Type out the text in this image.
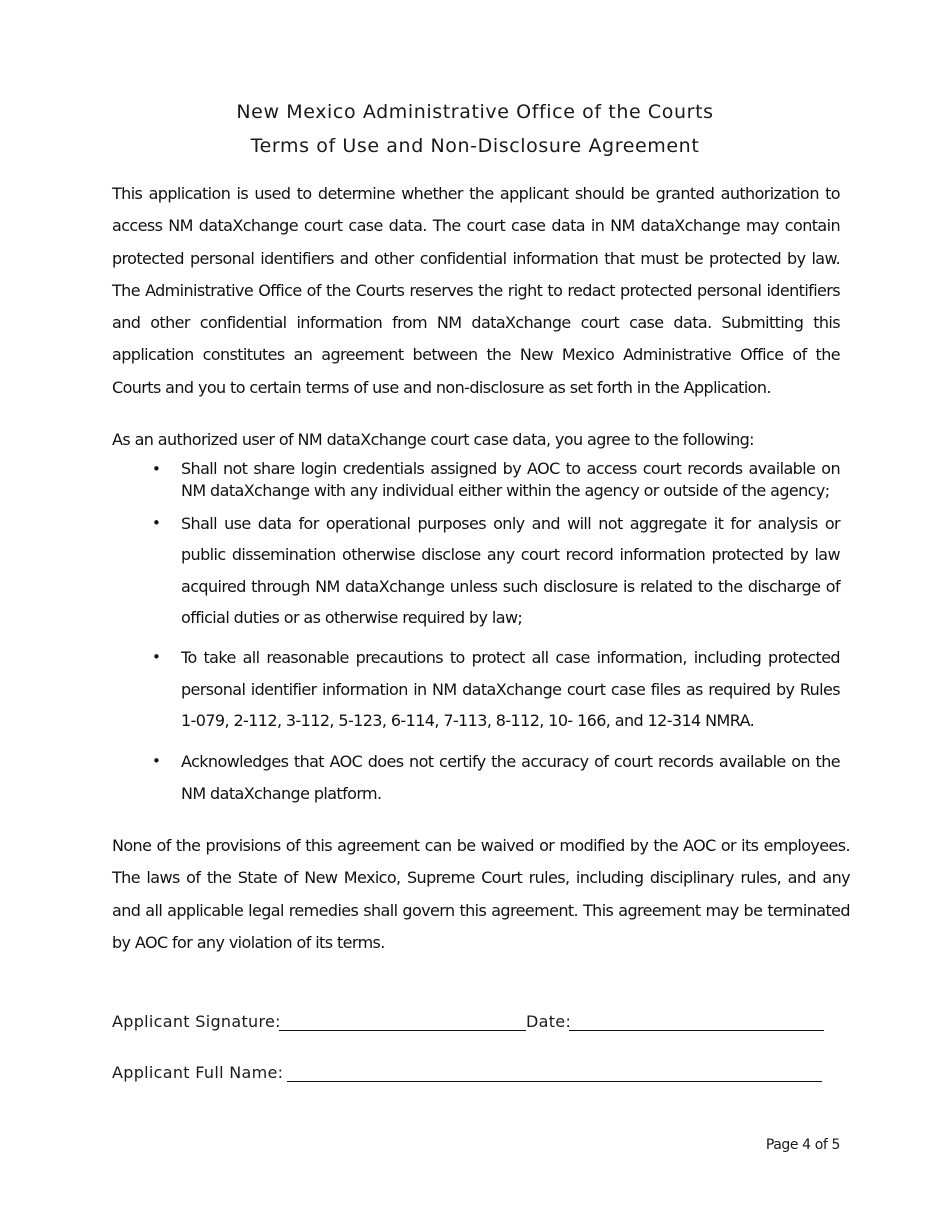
New Mexico Administrative Office of the Courts
Terms of Use and Non-Disclosure Agreement
This application is used to determine whether the applicant should be granted authorization to access NM dataXchange court case data. The court case data in NM dataXchange may contain protected personal identifiers and other confidential information that must be protected by law. The Administrative Office of the Courts reserves the right to redact protected personal identifiers and other confidential information from NM dataXchange court case data. Submitting this application constitutes an agreement between the New Mexico Administrative Office of the Courts and you to certain terms of use and non-disclosure as set forth in the Application.
As an authorized user of NM dataXchange court case data, you agree to the following:
• Shall not share login credentials assigned by AOC to access court records available on NM dataXchange with any individual either within the agency or outside of the agency;
• Shall use data for operational purposes only and will not aggregate it for analysis or public dissemination otherwise disclose any court record information protected by law acquired through NM dataXchange unless such disclosure is related to the discharge of official duties or as otherwise required by law;
• To take all reasonable precautions to protect all case information, including protected personal identifier information in NM dataXchange court case files as required by Rules 1-079, 2-112, 3-112, 5-123, 6-114, 7-113, 8-112, 10- 166, and 12-314 NMRA.
• Acknowledges that AOC does not certify the accuracy of court records available on the NM dataXchange platform.
None of the provisions of this agreement can be waived or modified by the AOC or its employees. The laws of the State of New Mexico, Supreme Court rules, including disciplinary rules, and any and all applicable legal remedies shall govern this agreement. This agreement may be terminated by AOC for any violation of its terms.
Applicant Signature:	Date:
Applicant Full Name:
Page 4 of 5
